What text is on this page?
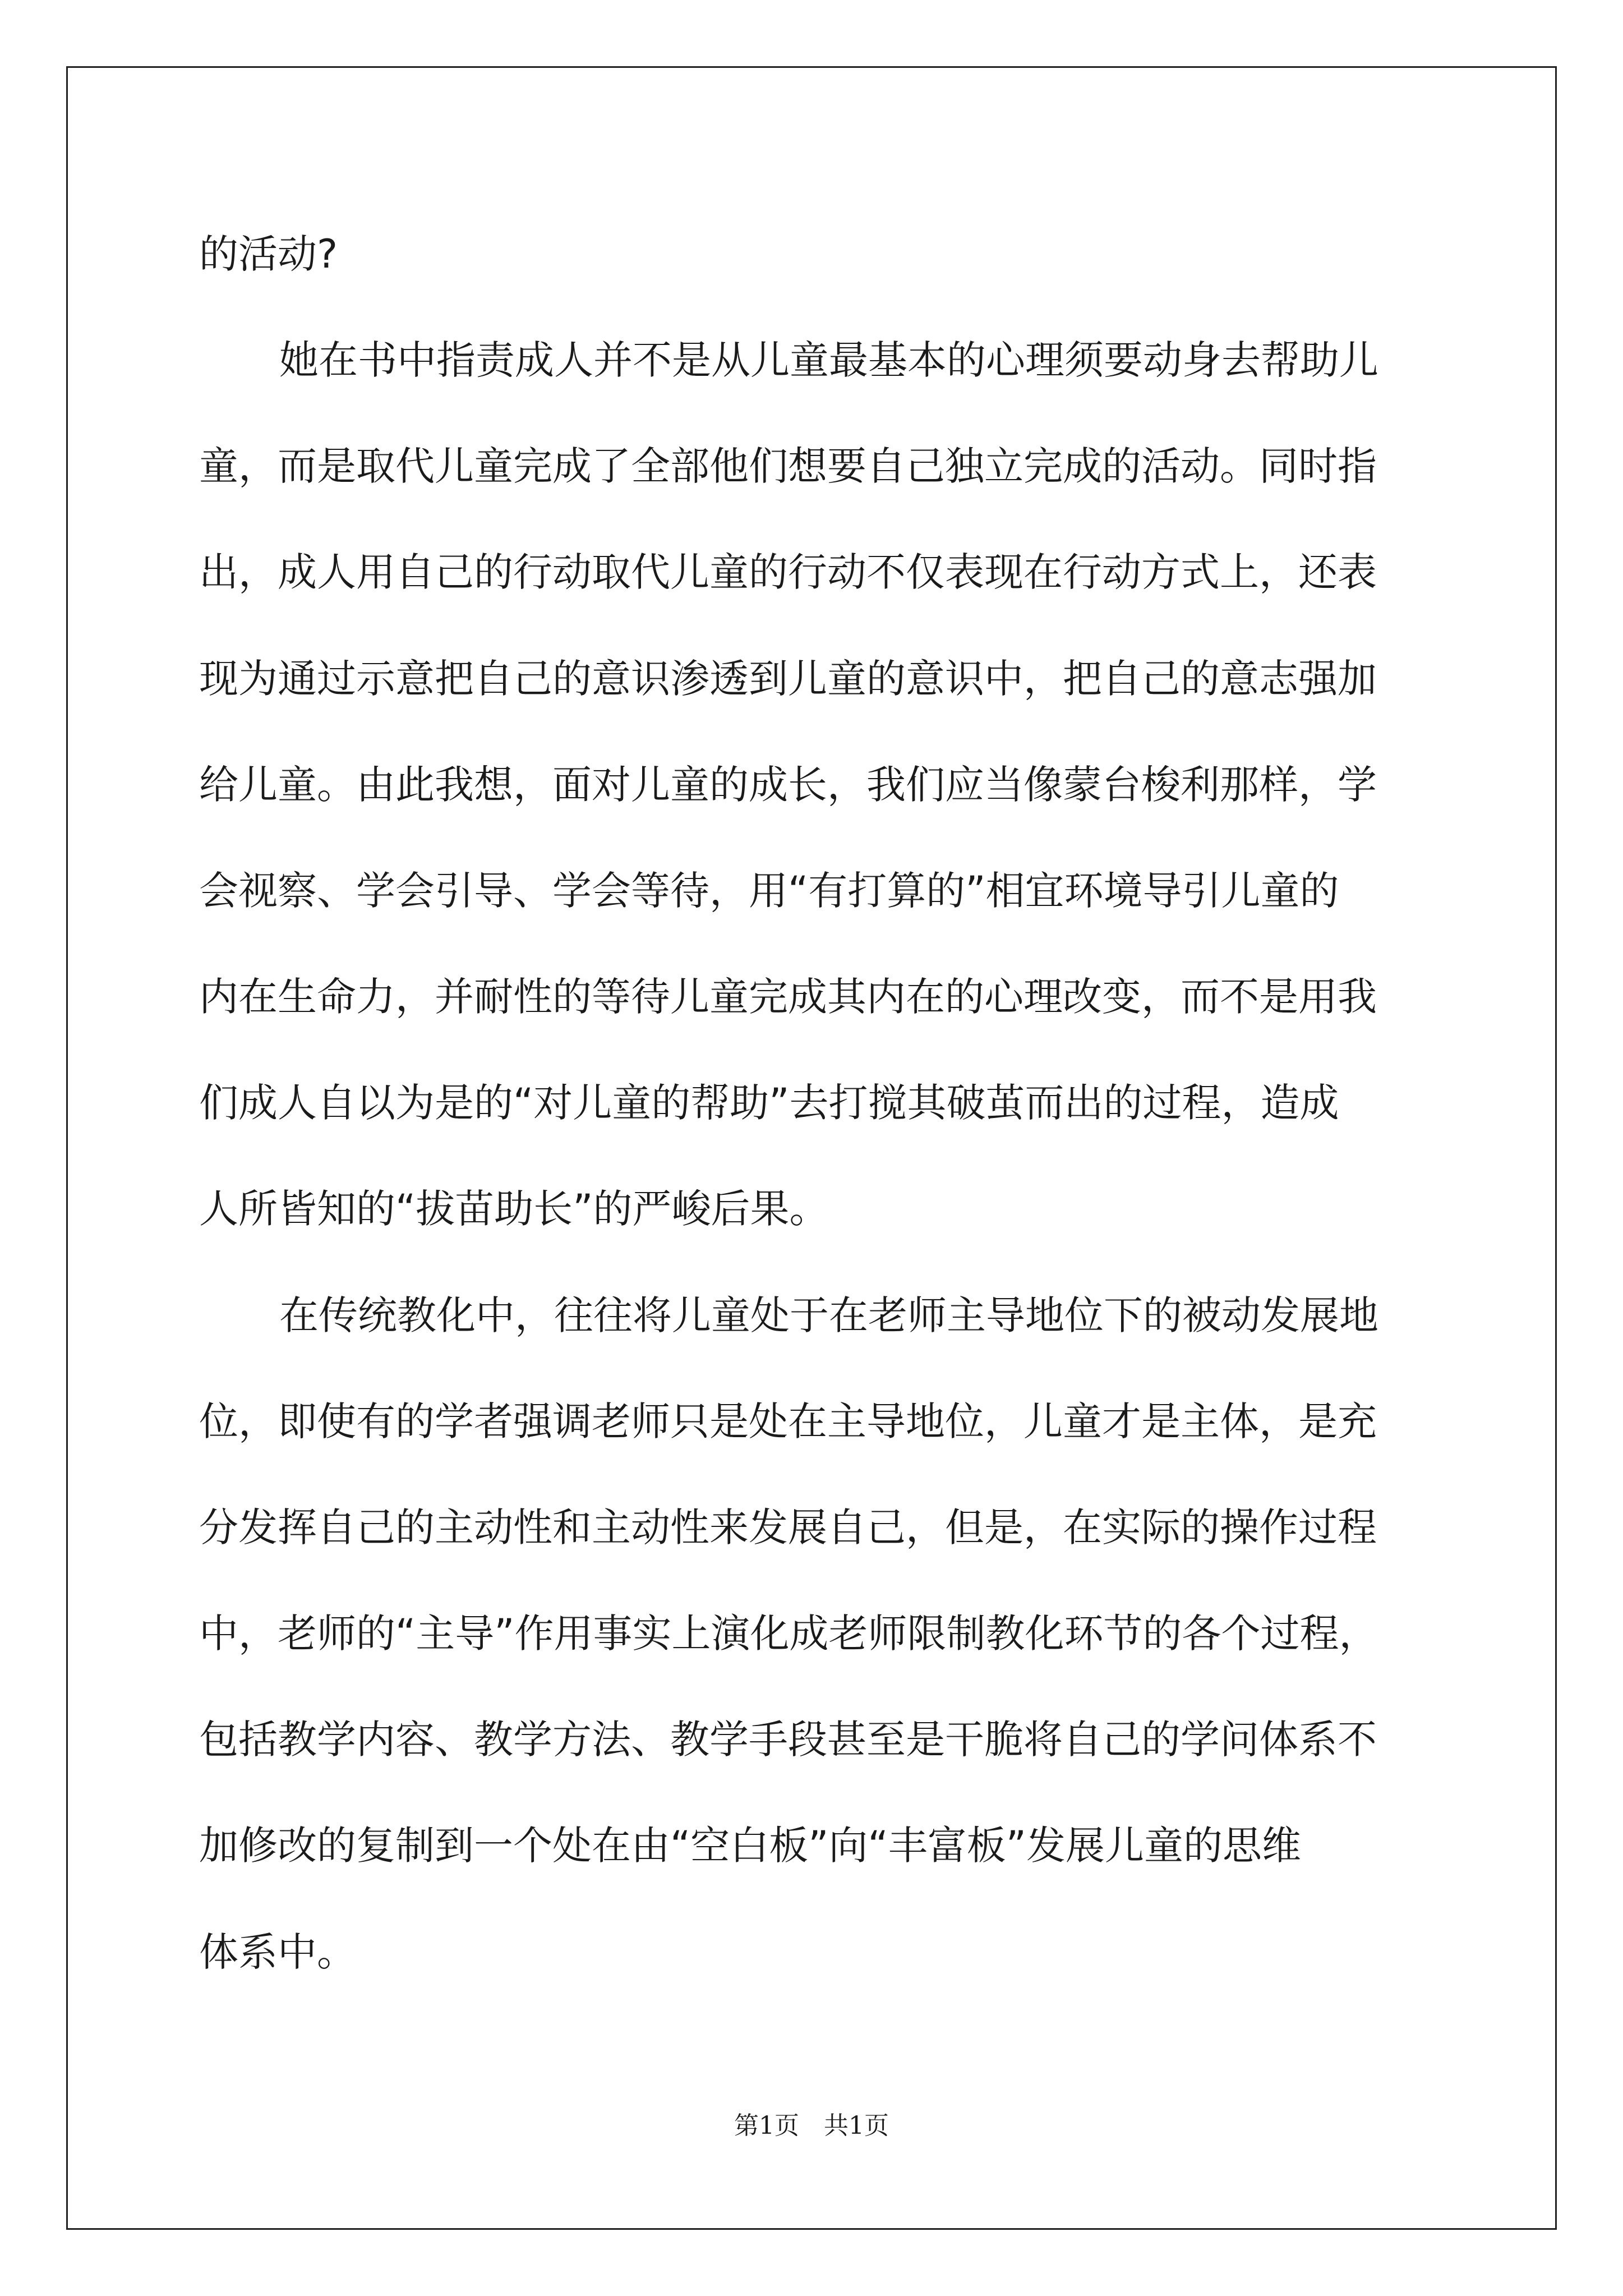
的活动?

她在书中指责成人并不是从儿童最基本的心理须要动身去帮助儿

童，而是取代儿童完成了全部他们想要自己独立完成的活动。同时指

出，成人用自己的行动取代儿童的行动不仅表现在行动方式上，还表

现为通过示意把自己的意识渗透到儿童的意识中，把自己的意志强加

给儿童。由此我想，面对儿童的成长，我们应当像蒙台梭利那样，学

会视察、学会引导、学会等待，用“有打算的”相宜环境导引儿童的

内在生命力，并耐性的等待儿童完成其内在的心理改变，而不是用我

们成人自以为是的“对儿童的帮助”去打搅其破茧而出的过程，造成

人所皆知的“拔苗助长”的严峻后果。

在传统教化中，往往将儿童处于在老师主导地位下的被动发展地

位，即使有的学者强调老师只是处在主导地位，儿童才是主体，是充

分发挥自己的主动性和主动性来发展自己，但是，在实际的操作过程

中，老师的“主导”作用事实上演化成老师限制教化环节的各个过程，

包括教学内容、教学方法、教学手段甚至是干脆将自己的学问体系不

加修改的复制到一个处在由“空白板”向“丰富板”发展儿童的思维

体系中。

第1页　共1页
